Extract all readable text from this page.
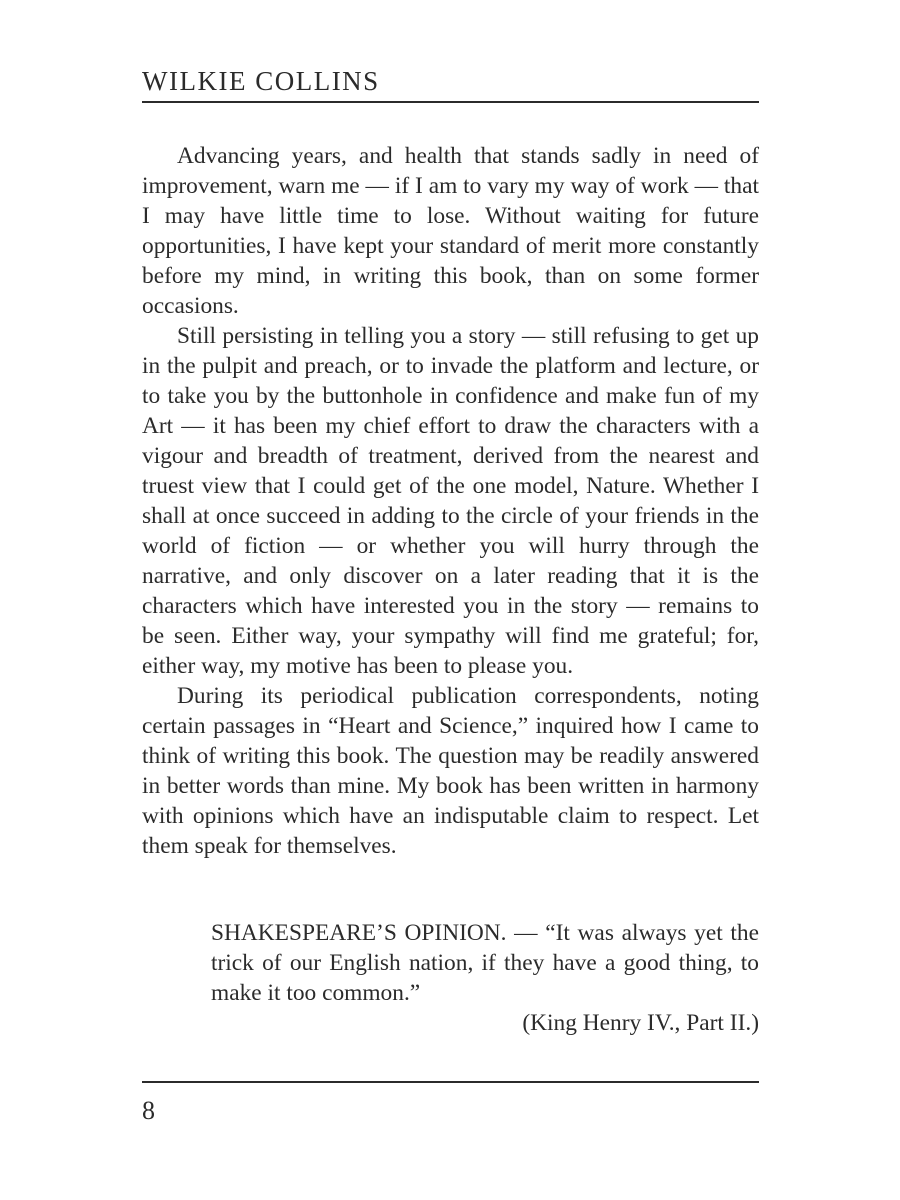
WILKIE COLLINS

Advancing years, and health that stands sadly in need of improvement, warn me — if I am to vary my way of work — that I may have little time to lose. Without waiting for future opportunities, I have kept your standard of merit more constantly before my mind, in writing this book, than on some former occasions.

Still persisting in telling you a story — still refusing to get up in the pulpit and preach, or to invade the platform and lecture, or to take you by the buttonhole in confidence and make fun of my Art — it has been my chief effort to draw the characters with a vigour and breadth of treatment, derived from the nearest and truest view that I could get of the one model, Nature. Whether I shall at once succeed in adding to the circle of your friends in the world of fiction — or whether you will hurry through the narrative, and only discover on a later reading that it is the characters which have interested you in the story — remains to be seen. Either way, your sympathy will find me grateful; for, either way, my motive has been to please you.

During its periodical publication correspondents, noting certain passages in “Heart and Science,” inquired how I came to think of writing this book. The question may be readily answered in better words than mine. My book has been written in harmony with opinions which have an indisputable claim to respect. Let them speak for themselves.

SHAKESPEARE’S OPINION. — “It was always yet the trick of our English nation, if they have a good thing, to make it too common.”

(King Henry IV., Part II.)

8
